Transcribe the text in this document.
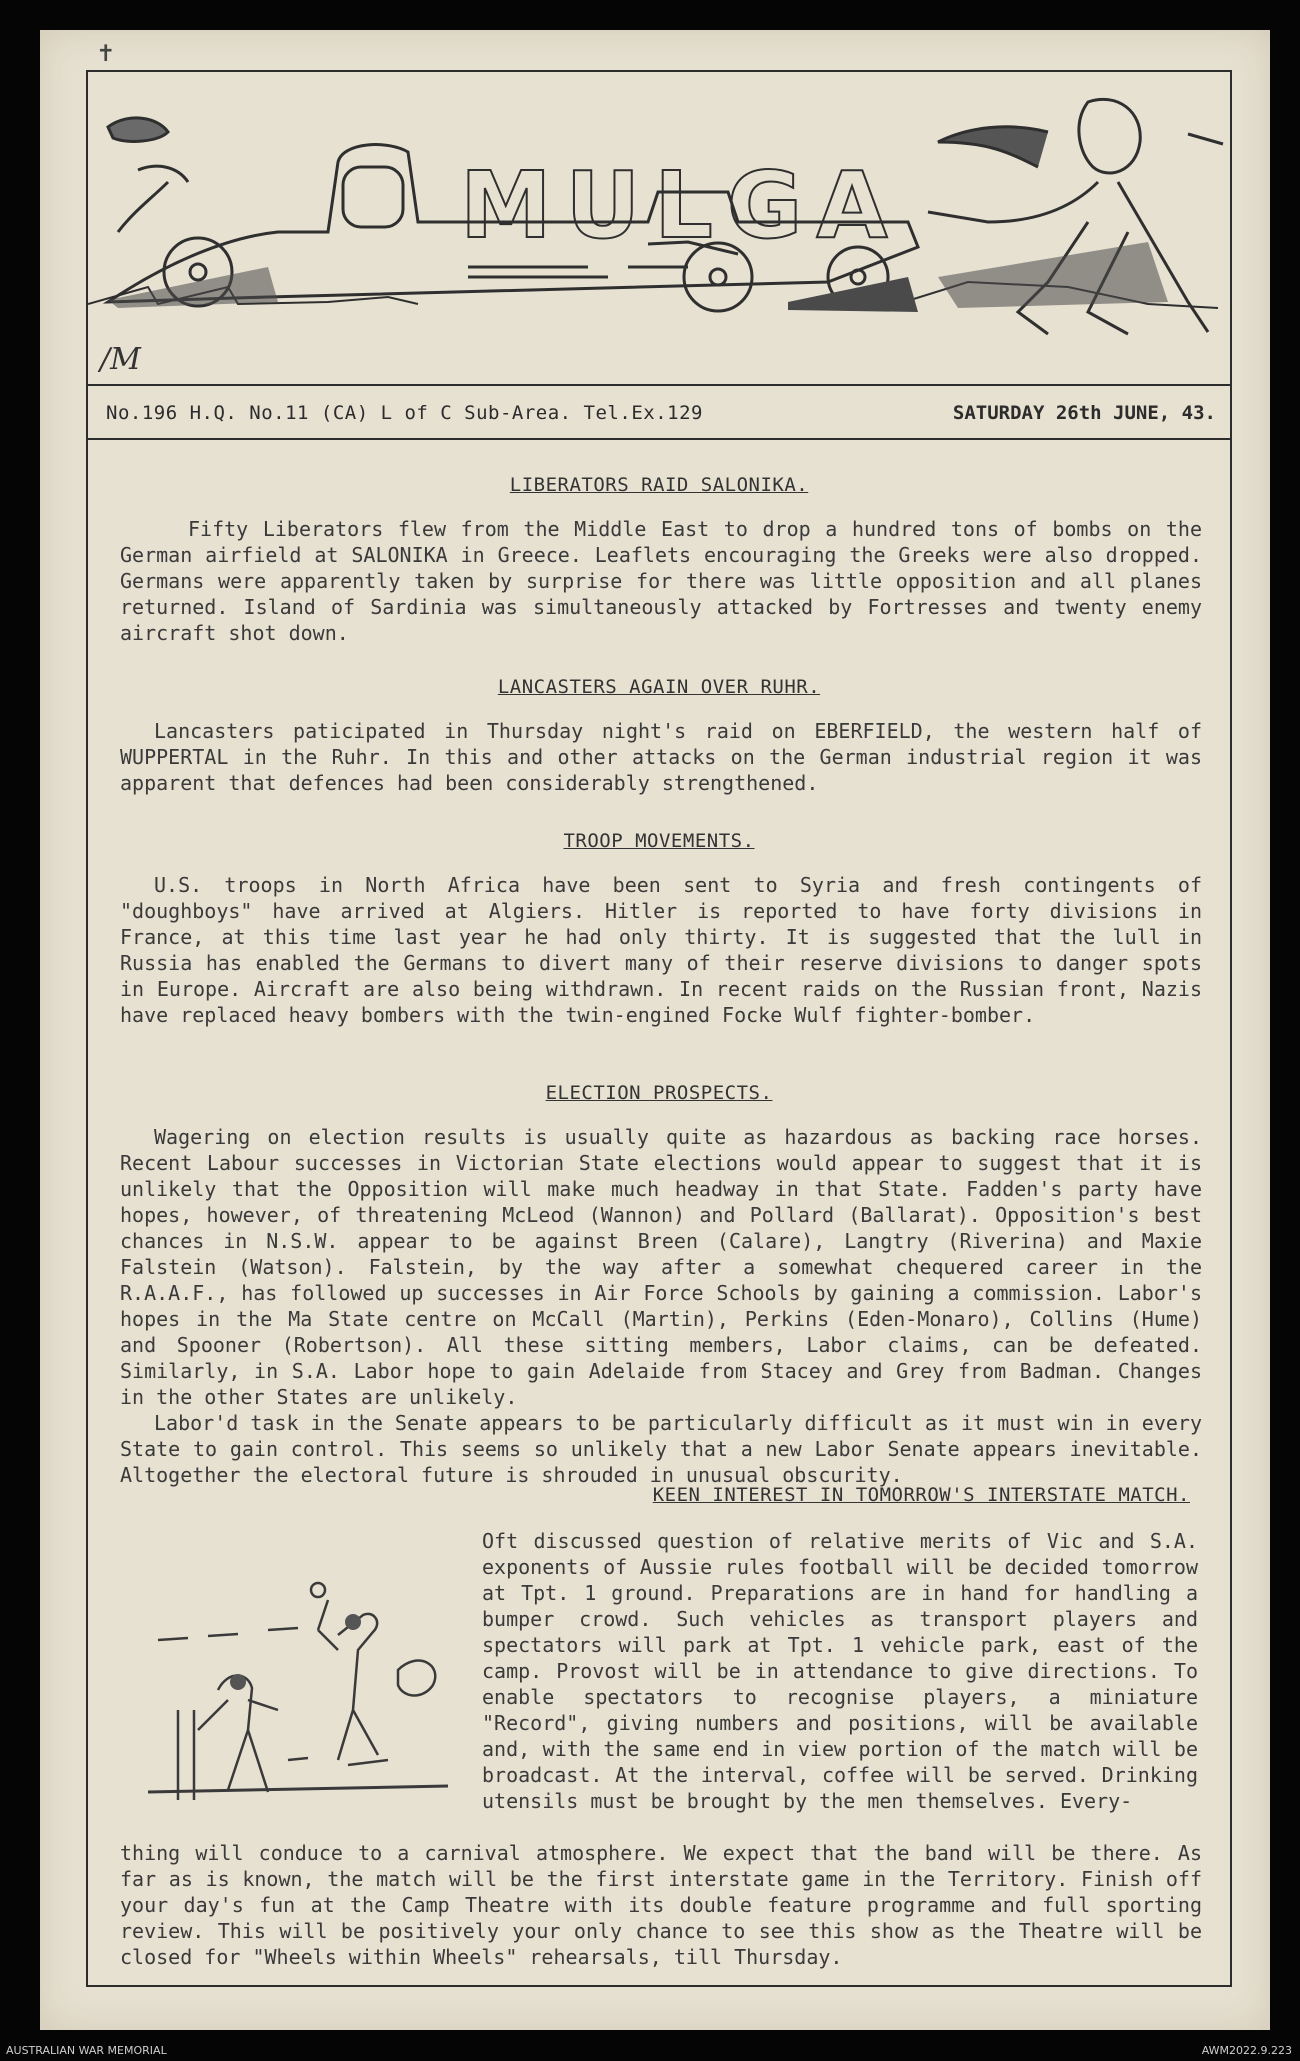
✝
MULGA
/M
No.196 H.Q. No.11 (CA) L of C Sub-Area. Tel.Ex.129	SATURDAY 26th JUNE, 43.

LIBERATORS RAID SALONIKA.

Fifty Liberators flew from the Middle East to drop a hundred tons of bombs on the German airfield at SALONIKA in Greece. Leaflets encouraging the Greeks were also dropped. Germans were apparently taken by surprise for there was little opposition and all planes returned. Island of Sardinia was simultaneously attacked by Fortresses and twenty enemy aircraft shot down.

LANCASTERS AGAIN OVER RUHR.

Lancasters paticipated in Thursday night's raid on EBERFIELD, the western half of WUPPERTAL in the Ruhr. In this and other attacks on the German industrial region it was apparent that defences had been considerably strengthened.

TROOP MOVEMENTS.

U.S. troops in North Africa have been sent to Syria and fresh contingents of "doughboys" have arrived at Algiers. Hitler is reported to have forty divisions in France, at this time last year he had only thirty. It is suggested that the lull in Russia has enabled the Germans to divert many of their reserve divisions to danger spots in Europe. Aircraft are also being withdrawn. In recent raids on the Russian front, Nazis have replaced heavy bombers with the twin-engined Focke Wulf fighter-bomber.

ELECTION PROSPECTS.

Wagering on election results is usually quite as hazardous as backing race horses. Recent Labour successes in Victorian State elections would appear to suggest that it is unlikely that the Opposition will make much headway in that State. Fadden's party have hopes, however, of threatening McLeod (Wannon) and Pollard (Ballarat). Opposition's best chances in N.S.W. appear to be against Breen (Calare), Langtry (Riverina) and Maxie Falstein (Watson). Falstein, by the way after a somewhat chequered career in the R.A.A.F., has followed up successes in Air Force Schools by gaining a commission. Labor's hopes in the Ma State centre on McCall (Martin), Perkins (Eden-Monaro), Collins (Hume) and Spooner (Robertson). All these sitting members, Labor claims, can be defeated. Similarly, in S.A. Labor hope to gain Adelaide from Stacey and Grey from Badman. Changes in the other States are unlikely.

Labor'd task in the Senate appears to be particularly difficult as it must win in every State to gain control. This seems so unlikely that a new Labor Senate appears inevitable. Altogether the electoral future is shrouded in unusual obscurity.

KEEN INTEREST IN TOMORROW'S INTERSTATE MATCH.

Oft discussed question of relative merits of Vic and S.A. exponents of Aussie rules football will be decided tomorrow at Tpt. 1 ground. Preparations are in hand for handling a bumper crowd. Such vehicles as transport players and spectators will park at Tpt. 1 vehicle park, east of the camp. Provost will be in attendance to give directions. To enable spectators to recognise players, a miniature "Record", giving numbers and positions, will be available and, with the same end in view portion of the match will be broadcast. At the interval, coffee will be served. Drinking utensils must be brought by the men themselves. Every-

thing will conduce to a carnival atmosphere. We expect that the band will be there. As far as is known, the match will be the first interstate game in the Territory. Finish off your day's fun at the Camp Theatre with its double feature programme and full sporting review. This will be positively your only chance to see this show as the Theatre will be closed for "Wheels within Wheels" rehearsals, till Thursday.

AUSTRALIAN WAR MEMORIAL	AWM2022.9.223
